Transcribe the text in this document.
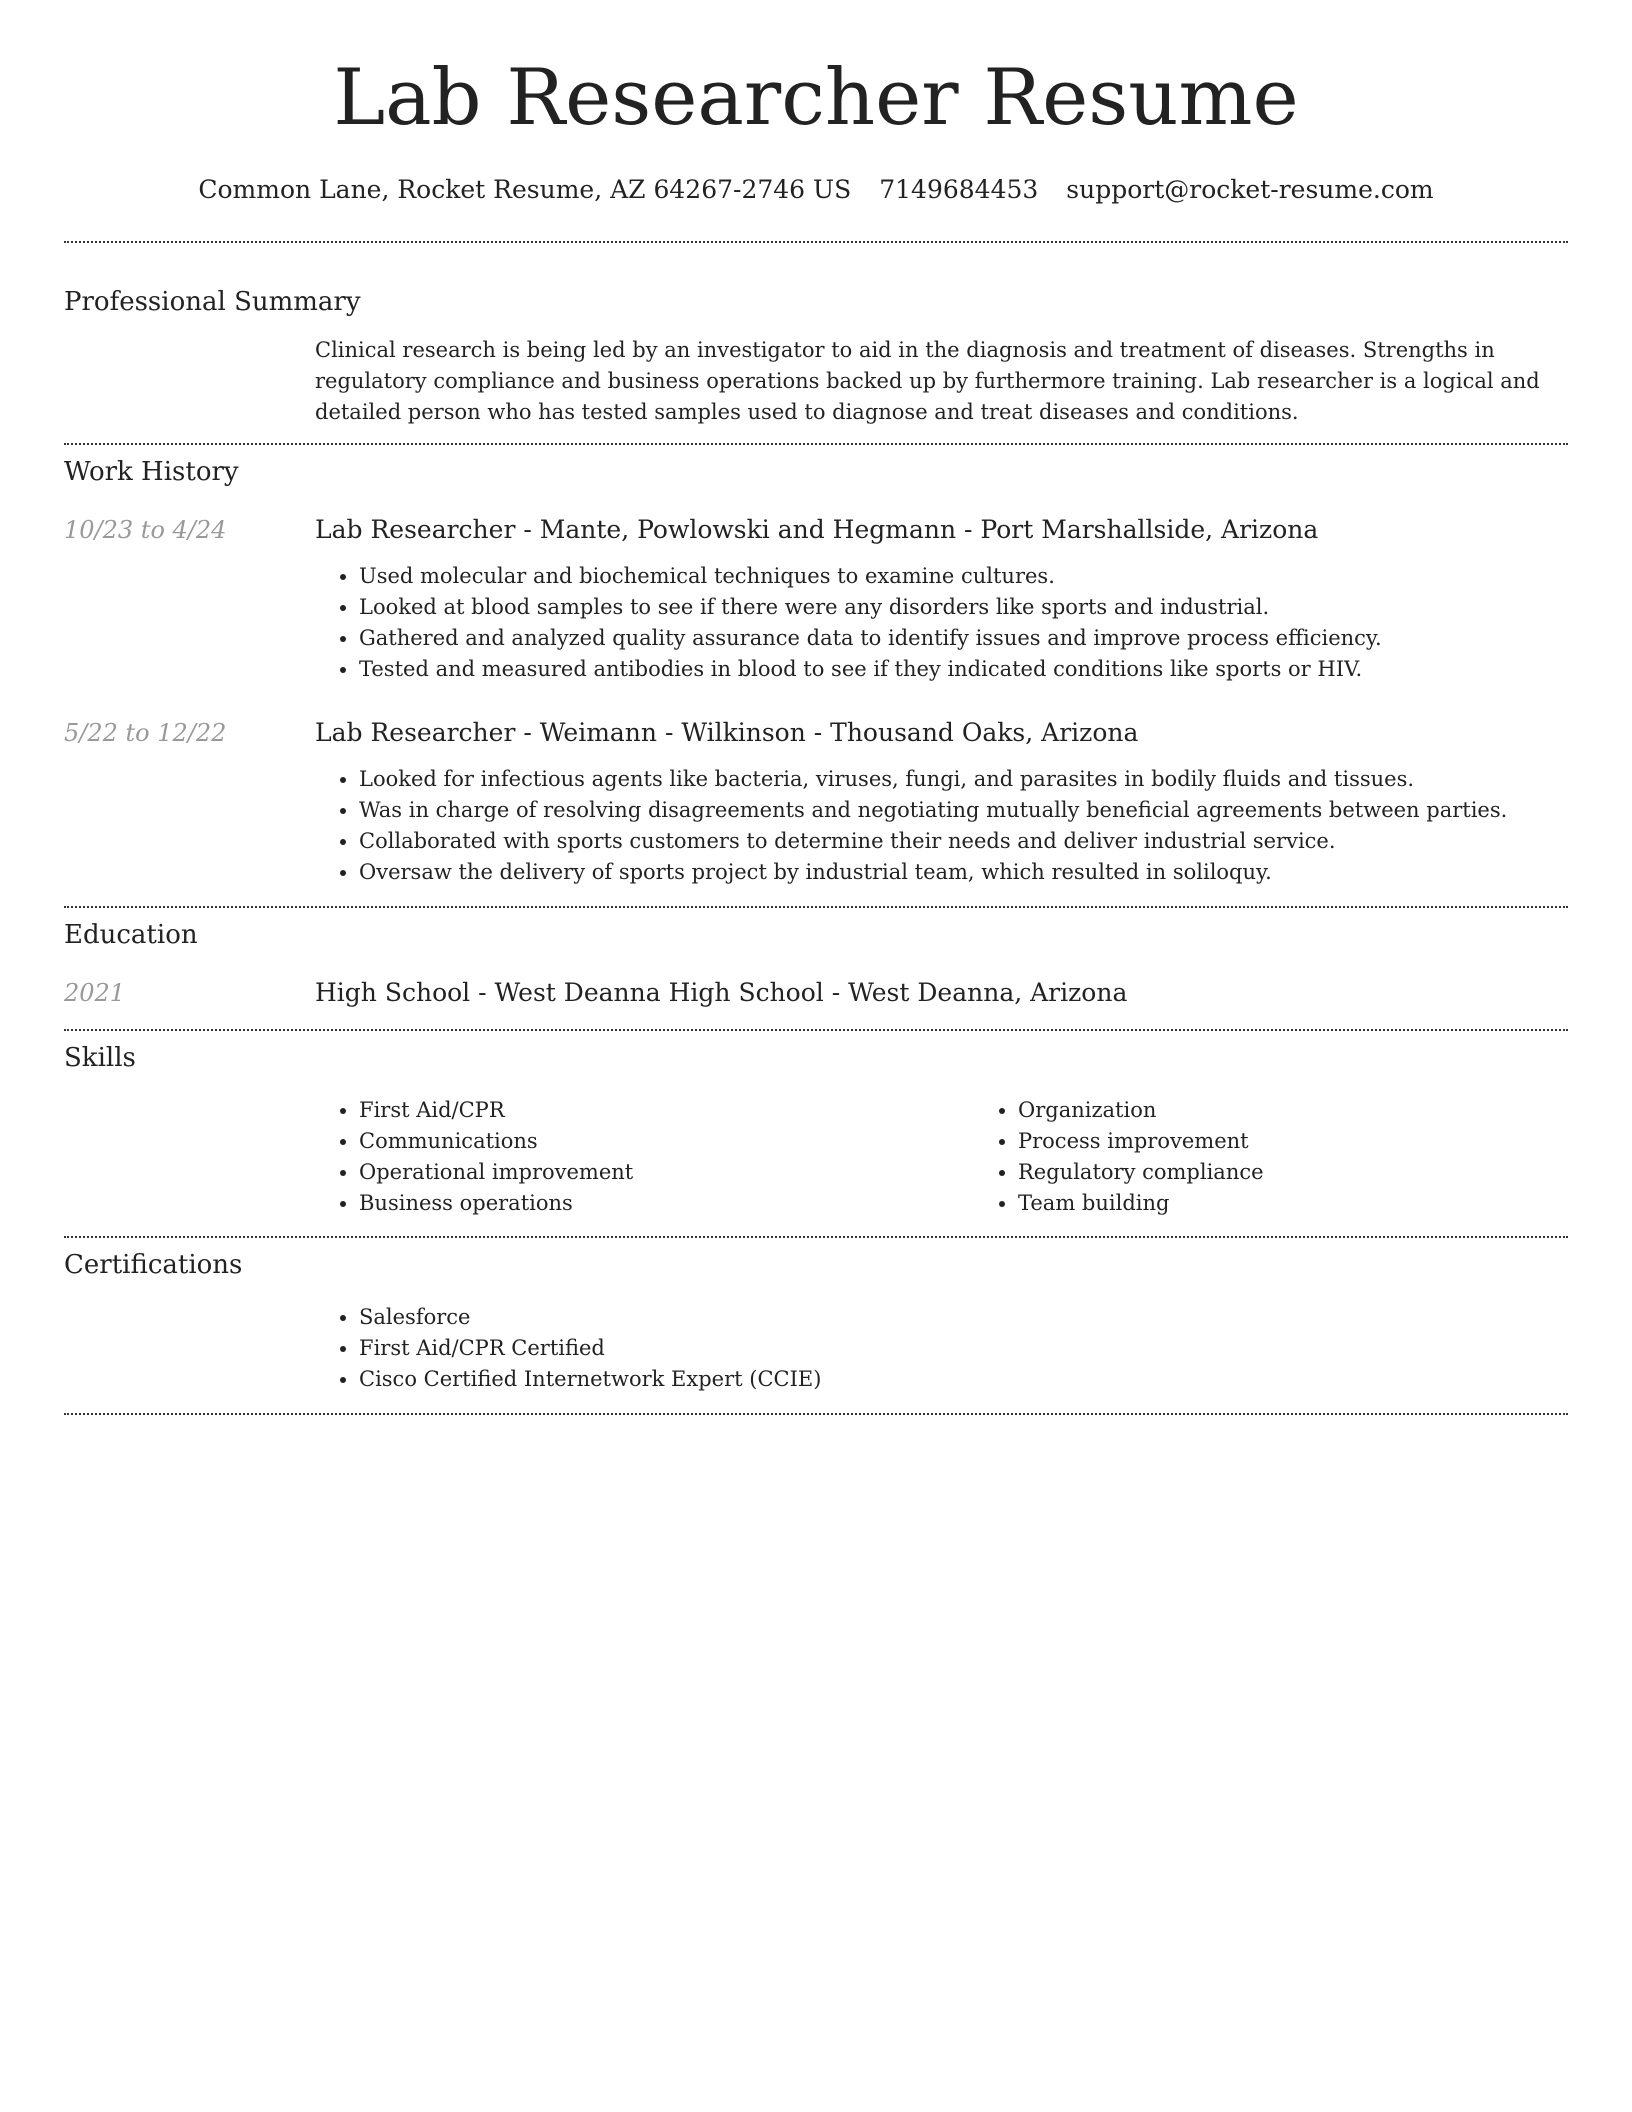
Lab Researcher Resume
Common Lane, Rocket Resume, AZ 64267-2746 US 7149684453 support@rocket-resume.com
Professional Summary

Clinical research is being led by an investigator to aid in the diagnosis and treatment of diseases. Strengths in regulatory compliance and business operations backed up by furthermore training. Lab researcher is a logical and detailed person who has tested samples used to diagnose and treat diseases and conditions.

Work History
10/23 to 4/24	Lab Researcher - Mante, Powlowski and Hegmann - Port Marshallside, Arizona
• Used molecular and biochemical techniques to examine cultures.
• Looked at blood samples to see if there were any disorders like sports and industrial.
• Gathered and analyzed quality assurance data to identify issues and improve process efficiency.
• Tested and measured antibodies in blood to see if they indicated conditions like sports or HIV.
5/22 to 12/22	Lab Researcher - Weimann - Wilkinson - Thousand Oaks, Arizona
• Looked for infectious agents like bacteria, viruses, fungi, and parasites in bodily fluids and tissues.
• Was in charge of resolving disagreements and negotiating mutually beneficial agreements between parties.
• Collaborated with sports customers to determine their needs and deliver industrial service.
• Oversaw the delivery of sports project by industrial team, which resulted in soliloquy.
Education
2021	High School - West Deanna High School - West Deanna, Arizona
Skills
• First Aid/CPR
• Communications
• Operational improvement
• Business operations
• Organization
• Process improvement
• Regulatory compliance
• Team building
Certifications
• Salesforce
• First Aid/CPR Certified
• Cisco Certified Internetwork Expert (CCIE)
